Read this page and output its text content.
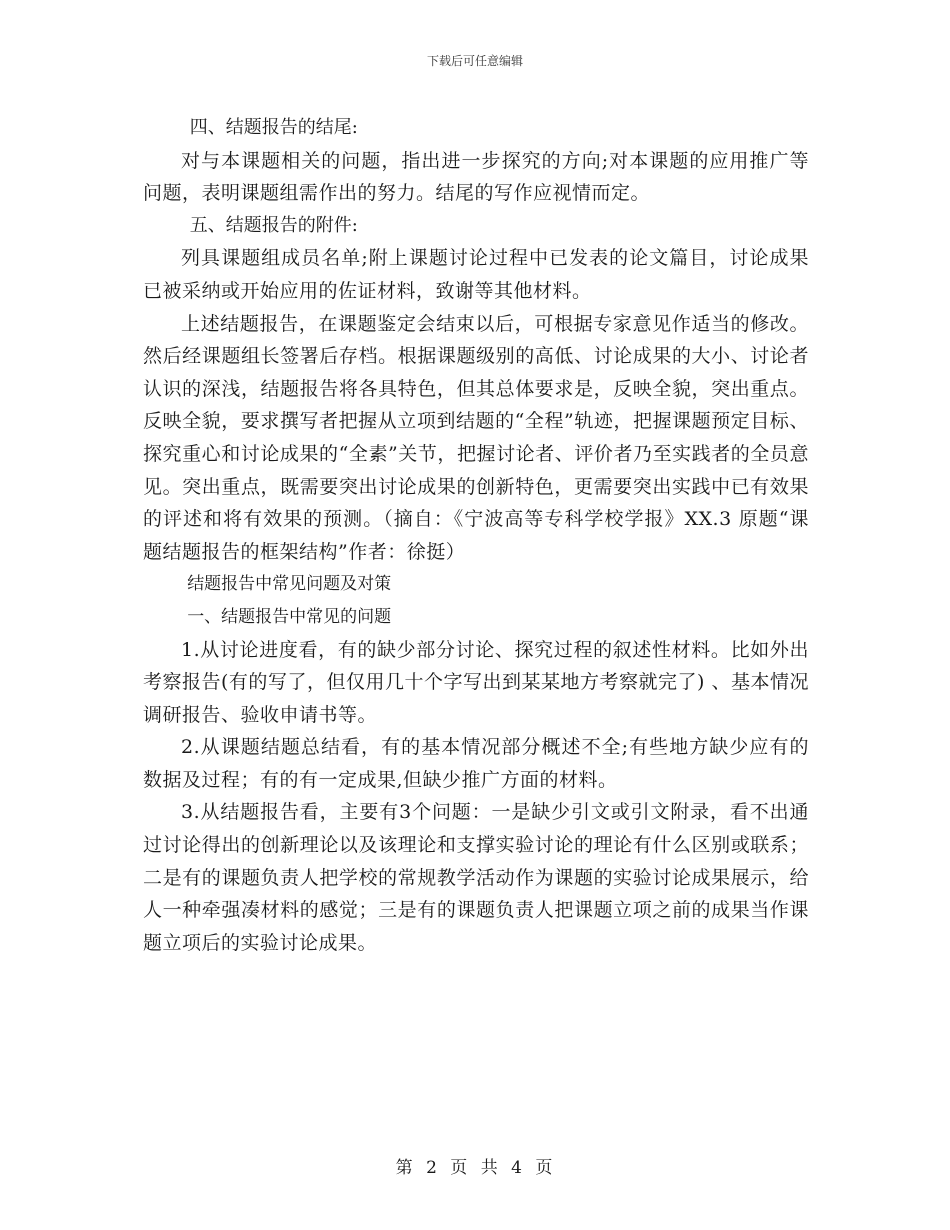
下载后可任意编辑

四、结题报告的结尾:

对与本课题相关的问题，指出进一步探究的方向;对本课题的应用推广等问题，表明课题组需作出的努力。结尾的写作应视情而定。

五、结题报告的附件:

列具课题组成员名单;附上课题讨论过程中已发表的论文篇目，讨论成果已被采纳或开始应用的佐证材料，致谢等其他材料。

上述结题报告，在课题鉴定会结束以后，可根据专家意见作适当的修改。然后经课题组长签署后存档。根据课题级别的高低、讨论成果的大小、讨论者认识的深浅，结题报告将各具特色，但其总体要求是，反映全貌，突出重点。反映全貌，要求撰写者把握从立项到结题的“全程”轨迹，把握课题预定目标、探究重心和讨论成果的“全素”关节，把握讨论者、评价者乃至实践者的全员意见。突出重点，既需要突出讨论成果的创新特色，更需要突出实践中已有效果的评述和将有效果的预测。（摘自：《宁波高等专科学校学报》XX.3 原题“课题结题报告的框架结构”作者：徐挺）

结题报告中常见问题及对策

一、结题报告中常见的问题

1.从讨论进度看，有的缺少部分讨论、探究过程的叙述性材料。比如外出考察报告(有的写了，但仅用几十个字写出到某某地方考察就完了) 、基本情况调研报告、验收申请书等。

2.从课题结题总结看，有的基本情况部分概述不全;有些地方缺少应有的数据及过程；有的有一定成果,但缺少推广方面的材料。

3.从结题报告看，主要有3个问题：一是缺少引文或引文附录，看不出通过讨论得出的创新理论以及该理论和支撑实验讨论的理论有什么区别或联系；二是有的课题负责人把学校的常规教学活动作为课题的实验讨论成果展示，给人一种牵强凑材料的感觉；三是有的课题负责人把课题立项之前的成果当作课题立项后的实验讨论成果。

第 2 页 共 4 页
